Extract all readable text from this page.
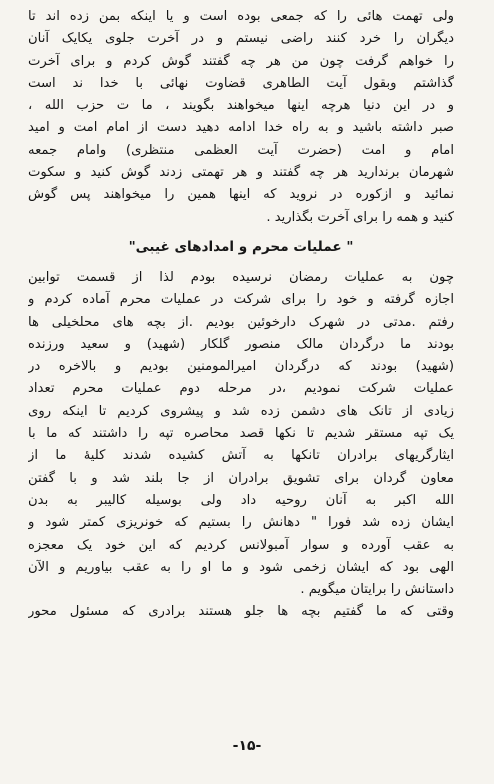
ولی تهمت هائی را که جمعی بوده است و یا اینکه بمن زده اند تا
دیگران را خرد کنند راضی نیستم و در آخرت جلوی یکایک آنان
را خواهم گرفت چون من هر چه گفتند گوش کردم و برای آخرت
گذاشتم وبقول آیت الطاهری قضاوت نهائی با خدا ند است
و در این دنیا هرچه اینها میخواهند بگویند ، ما ت حزب الله ،
صبر داشته باشید و به راه خدا ادامه دهید دست از امام امت و امید
امام و امت (حضرت آیت العظمی منتظری) وامام جمعه
شهرمان برندارید هر چه گفتند و هر تهمتی زدند گوش کنید و سکوت
نمائید و ازکوره در نروید که اینها همین را میخواهند پس گوش
کنید و همه را برای آخرت بگذارید .
" عملیات محرم و امدادهای غیبی"
چون به عملیات رمضان نرسیده بودم لذا از قسمت توابین
اجازه گرفته و خود را برای شرکت در عملیات محرم آماده کردم و
رفتم .مدتی در شهرک دارخوئین بودیم .از بچه های محلخیلی ها
بودند ما درگردان مالک منصور گلکار (شهید) و سعید ورزنده
(شهید) بودند که درگردان امیرالمومنین بودیم و بالاخره در
عملیات شرکت نمودیم ،در مرحله دوم عملیات محرم تعداد
زیادی از تانک های دشمن زده شد و پیشروی کردیم تا اینکه روی
یک تپه مستقر شدیم تا نکها قصد محاصره تپه را داشتند که ما با
ایثارگریهای برادران تانکها به آتش کشیده شدند کلیهٔ ما از
معاون گردان برای تشویق برادران از جا بلند شد و با گفتن
الله اکبر به آنان روحیه داد ولی بوسیله کالیبر به بدن
ایشان زده شد فورا " دهانش را بستیم که خونریزی کمتر شود و
به عقب آورده و سوار آمبولانس کردیم که این خود یک معجزه
الهی بود که ایشان زخمی شود و ما او را به عقب بیاوریم و الآن
داستانش را برایتان میگویم .
وقتی که ما گفتیم بچه ها جلو هستند برادری که مسئول محور
-۱۵-
